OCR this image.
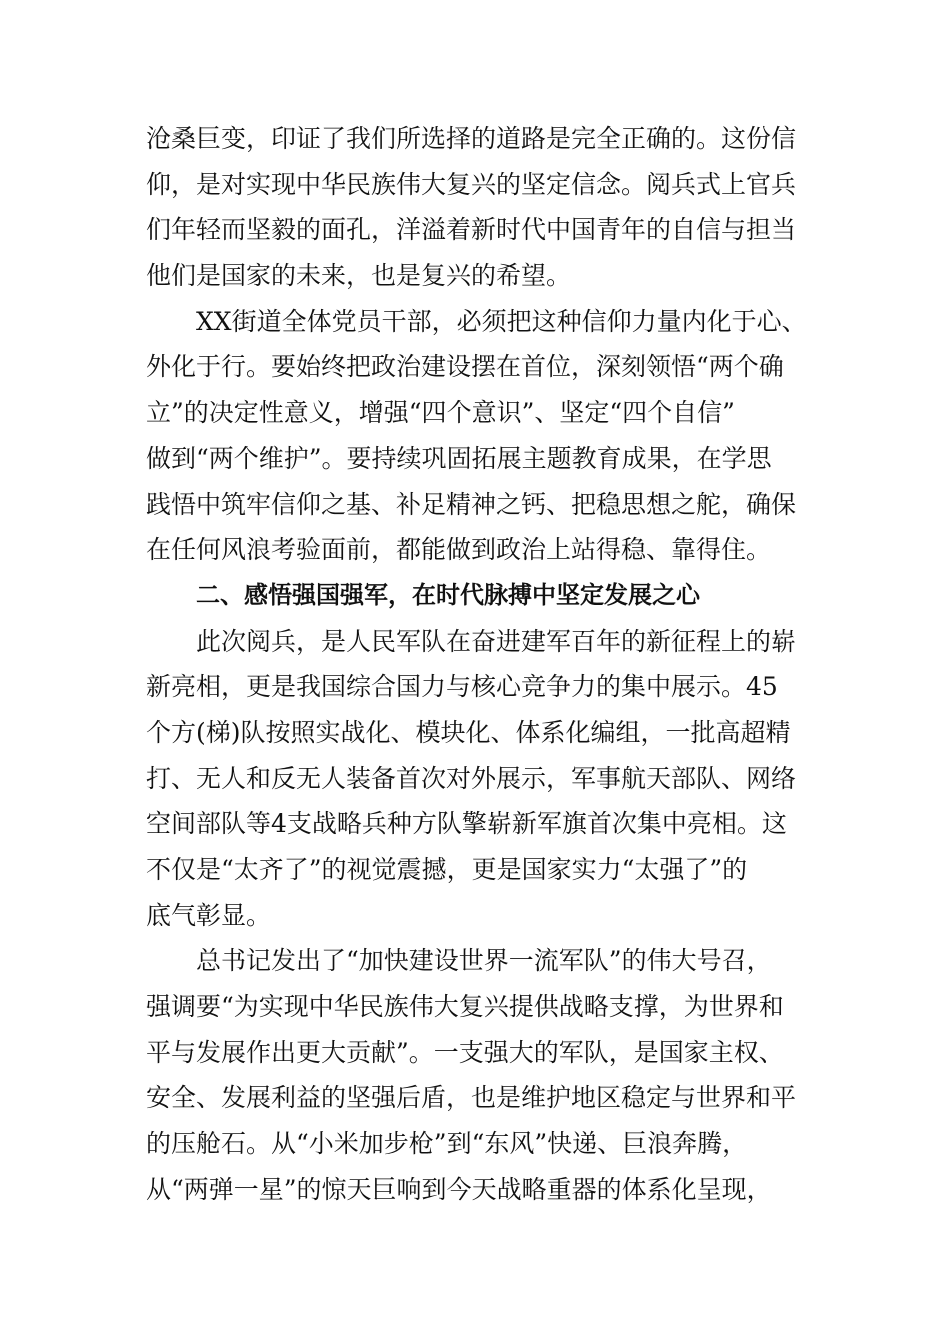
沧桑巨变，印证了我们所选择的道路是完全正确的。这份信
仰，是对实现中华民族伟大复兴的坚定信念。阅兵式上官兵
们年轻而坚毅的面孔，洋溢着新时代中国青年的自信与担当
他们是国家的未来，也是复兴的希望。
XX街道全体党员干部，必须把这种信仰力量内化于心、
外化于行。要始终把政治建设摆在首位，深刻领悟“两个确
立”的决定性意义，增强“四个意识”、坚定“四个自信”
做到“两个维护”。要持续巩固拓展主题教育成果，在学思
践悟中筑牢信仰之基、补足精神之钙、把稳思想之舵，确保
在任何风浪考验面前，都能做到政治上站得稳、靠得住。
二、感悟强国强军，在时代脉搏中坚定发展之心
此次阅兵，是人民军队在奋进建军百年的新征程上的崭
新亮相，更是我国综合国力与核心竞争力的集中展示。45
个方(梯)队按照实战化、模块化、体系化编组，一批高超精
打、无人和反无人装备首次对外展示，军事航天部队、网络
空间部队等4支战略兵种方队擎崭新军旗首次集中亮相。这
不仅是“太齐了”的视觉震撼，更是国家实力“太强了”的
底气彰显。
总书记发出了“加快建设世界一流军队”的伟大号召，
强调要“为实现中华民族伟大复兴提供战略支撑，为世界和
平与发展作出更大贡献”。一支强大的军队，是国家主权、
安全、发展利益的坚强后盾，也是维护地区稳定与世界和平
的压舱石。从“小米加步枪”到“东风”快递、巨浪奔腾，
从“两弹一星”的惊天巨响到今天战略重器的体系化呈现，
